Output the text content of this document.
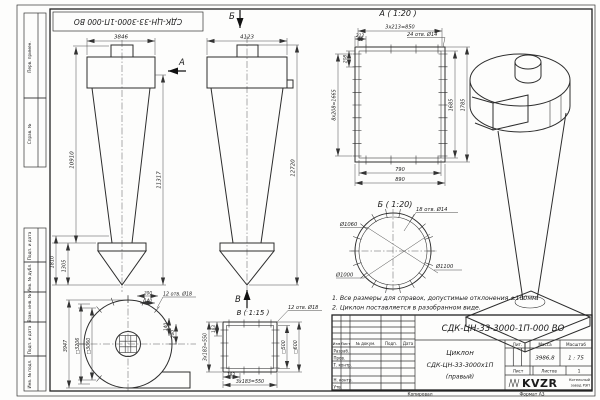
Перв. примен.
Справ. №
Подп. и дата
Инв. № дубл.
Взам. инв. №
Подп. и дата
Инв. № подл.
СДК-ЦН-33-3000-1П-000 ВО
3846
10910
11317
1810 1305
А
Б
4123
12720
В
А ( 1:20 )
3x213=850
212	24 отв. Ø14
208
8x208=1665	1685 1785
790
890
Б ( 1:20)
Ø1060
Ø1000
Ø1100
18 отв. Ø14
В ( 1:15 )
12 отв. Ø18
3x183=550
183
□500 □600
183
3x183=550
3947 □3206 □3060
200
140
12 отв. Ø18
140
200
1. Все размеры для справок, допустимые отклонения ±100мм.
2. Циклон поставляется в разобранном виде.
Изм Лист № докум. Подп. Дата
Разраб.
Пров.
Т. контр.
Н. контр.
Утв.
СДК-ЦН-33-3000-1П-000 ВО
Циклон
СДК-ЦН-33-3000х1П
(правый)
Лит.	Масса	Масштаб
3986,8 1 : 75
Лист	Листов	1
KVZR	Котельный
завод РЭП
Копировал	Формат А3
